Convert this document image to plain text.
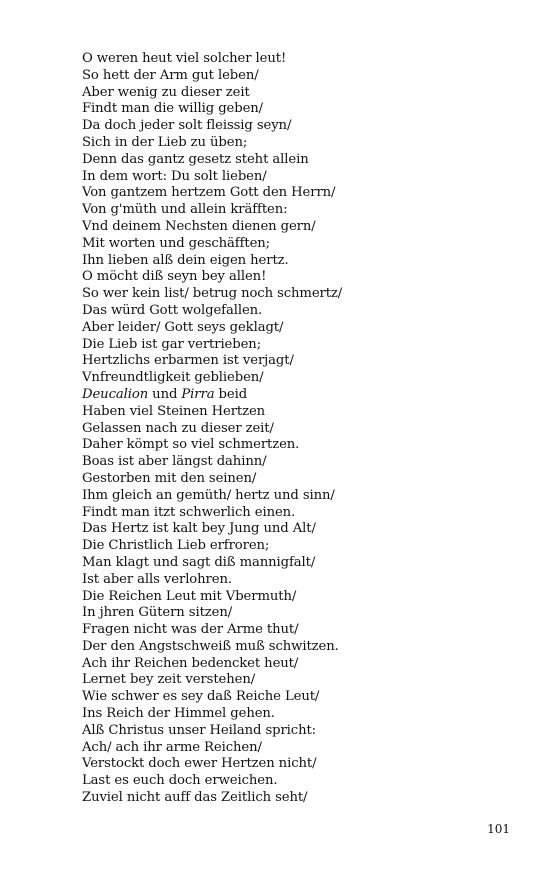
O weren heut viel solcher leut!
So hett der Arm gut leben/
Aber wenig zu dieser zeit
Findt man die willig geben/
Da doch jeder solt fleissig seyn/
Sich in der Lieb zu üben;
Denn das gantz gesetz steht allein
In dem wort: Du solt lieben/
Von gantzem hertzem Gott den Herrn/
Von g'müth und allein kräfften:
Vnd deinem Nechsten dienen gern/
Mit worten und geschäfften;
Ihn lieben alß dein eigen hertz.
O möcht diß seyn bey allen!
So wer kein list/ betrug noch schmertz/
Das würd Gott wolgefallen.
Aber leider/ Gott seys geklagt/
Die Lieb ist gar vertrieben;
Hertzlichs erbarmen ist verjagt/
Vnfreundtligkeit geblieben/
Deucalion und Pirra beid
Haben viel Steinen Hertzen
Gelassen nach zu dieser zeit/
Daher kömpt so viel schmertzen.
Boas ist aber längst dahinn/
Gestorben mit den seinen/
Ihm gleich an gemüth/ hertz und sinn/
Findt man itzt schwerlich einen.
Das Hertz ist kalt bey Jung und Alt/
Die Christlich Lieb erfroren;
Man klagt und sagt diß mannigfalt/
Ist aber alls verlohren.
Die Reichen Leut mit Vbermuth/
In jhren Gütern sitzen/
Fragen nicht was der Arme thut/
Der den Angstschweiß muß schwitzen.
Ach ihr Reichen bedencket heut/
Lernet bey zeit verstehen/
Wie schwer es sey daß Reiche Leut/
Ins Reich der Himmel gehen.
Alß Christus unser Heiland spricht:
Ach/ ach ihr arme Reichen/
Verstockt doch ewer Hertzen nicht/
Last es euch doch erweichen.
Zuviel nicht auff das Zeitlich seht/
101
